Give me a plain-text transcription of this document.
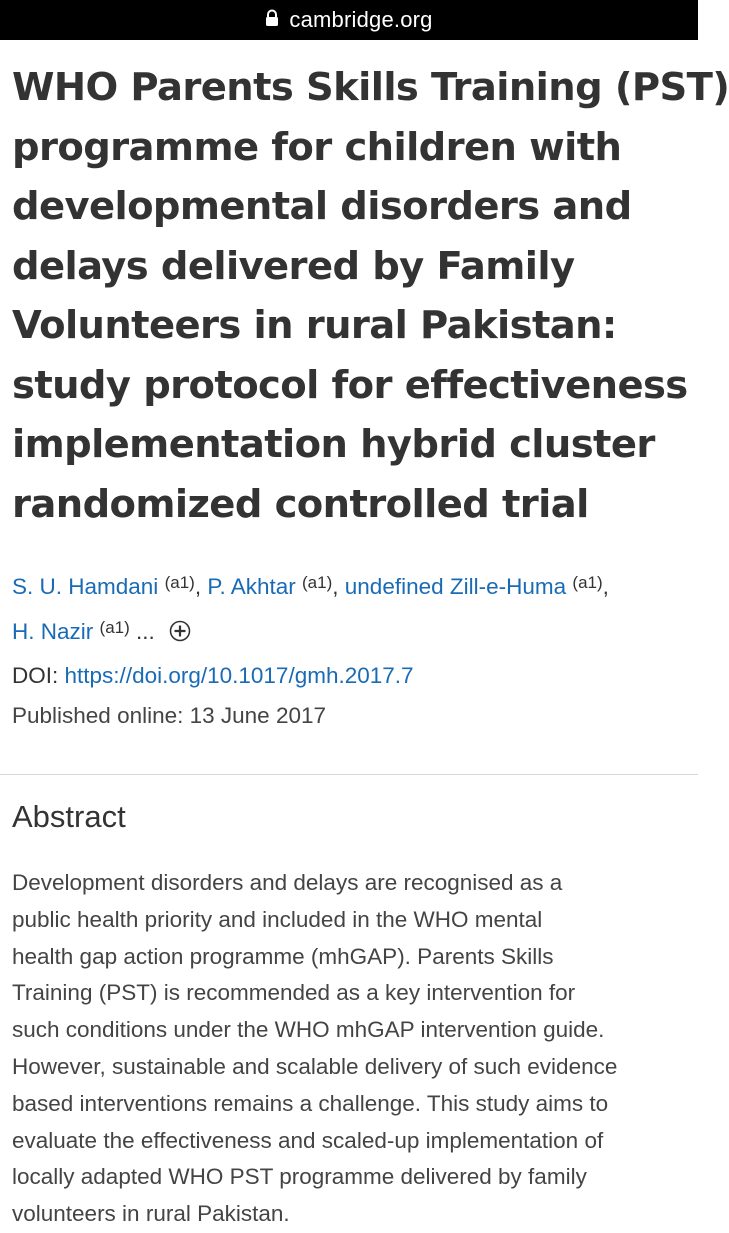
cambridge.org
WHO Parents Skills Training (PST)
programme for children with
developmental disorders and
delays delivered by Family
Volunteers in rural Pakistan:
study protocol for effectiveness
implementation hybrid cluster
randomized controlled trial
S. U. Hamdani $^{(a1)}$, P. Akhtar $^{(a1)}$, undefined Zill-e-Huma $^{(a1)}$,
H. Nazir $^{(a1)}$ ...
DOI: https://doi.org/10.1017/gmh.2017.7
Published online: 13 June 2017
Abstract
Development disorders and delays are recognised as a
public health priority and included in the WHO mental
health gap action programme (mhGAP). Parents Skills
Training (PST) is recommended as a key intervention for
such conditions under the WHO mhGAP intervention guide.
However, sustainable and scalable delivery of such evidence
based interventions remains a challenge. This study aims to
evaluate the effectiveness and scaled-up implementation of
locally adapted WHO PST programme delivered by family
volunteers in rural Pakistan.
